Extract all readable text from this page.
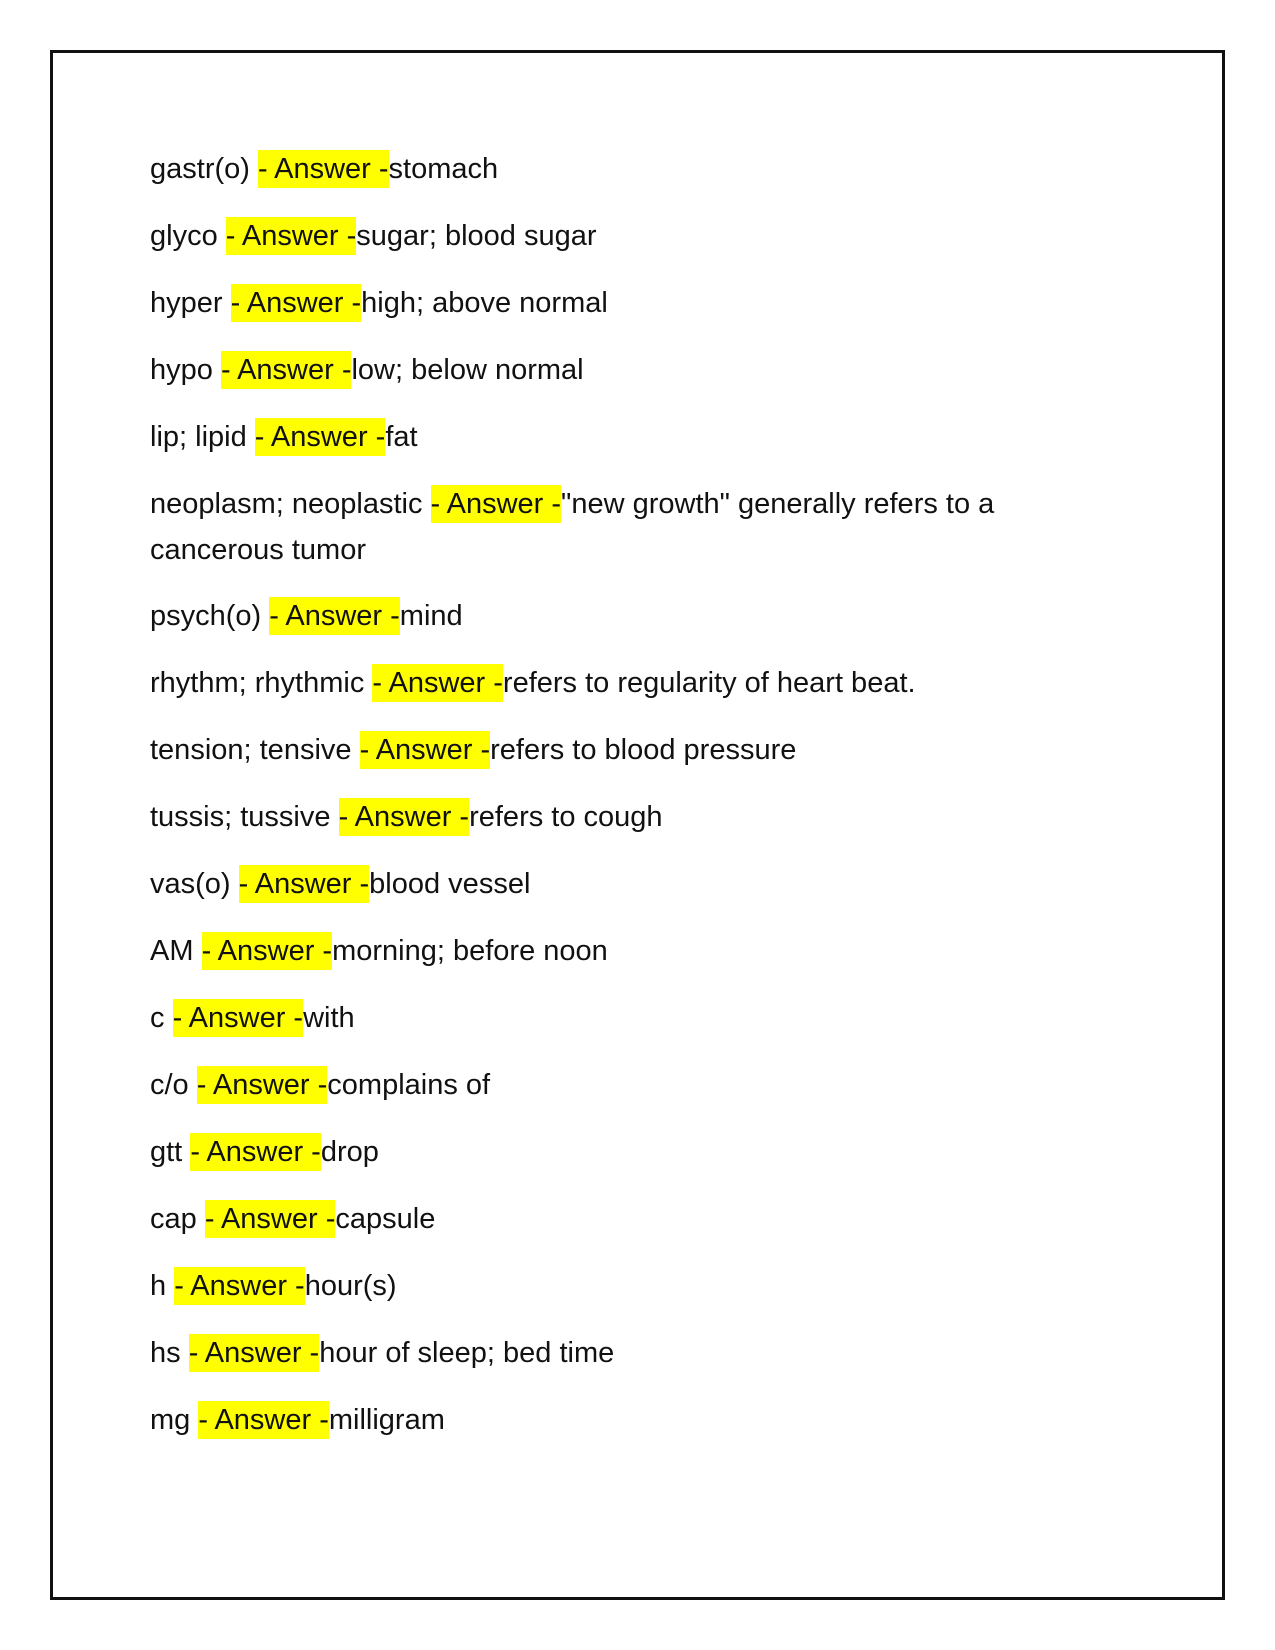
gastr(o) - Answer -stomach
glyco - Answer -sugar; blood sugar
hyper - Answer -high; above normal
hypo - Answer -low; below normal
lip; lipid - Answer -fat
neoplasm; neoplastic - Answer -"new growth" generally refers to a cancerous tumor
psych(o) - Answer -mind
rhythm; rhythmic - Answer -refers to regularity of heart beat.
tension; tensive - Answer -refers to blood pressure
tussis; tussive - Answer -refers to cough
vas(o) - Answer -blood vessel
AM - Answer -morning; before noon
c - Answer -with
c/o - Answer -complains of
gtt - Answer -drop
cap - Answer -capsule
h - Answer -hour(s)
hs - Answer -hour of sleep; bed time
mg - Answer -milligram
